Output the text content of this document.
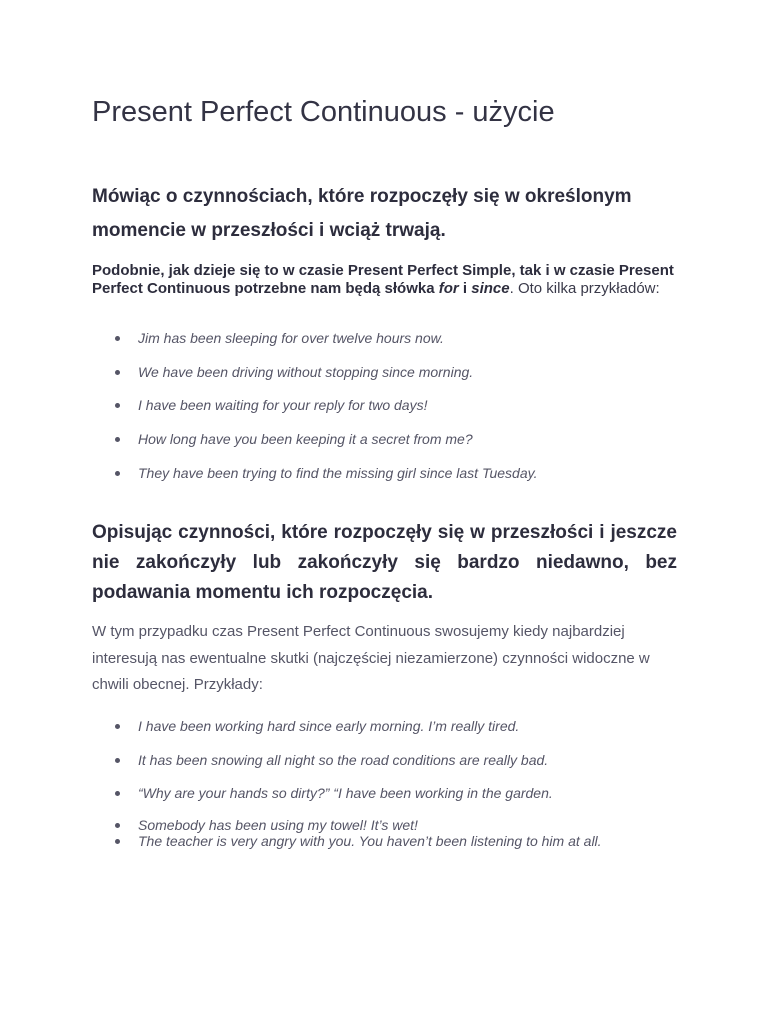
Present Perfect Continuous - użycie
Mówiąc o czynnościach, które rozpoczęły się w określonym
momencie w przeszłości i wciąż trwają.

Podobnie, jak dzieje się to w czasie Present Perfect Simple, tak i w czasie Present Perfect Continuous potrzebne nam będą słówka for i since. Oto kilka przykładów:

Jim has been sleeping for over twelve hours now.
We have been driving without stopping since morning.
I have been waiting for your reply for two days!
How long have you been keeping it a secret from me?
They have been trying to find the missing girl since last Tuesday.
Opisując czynności, które rozpoczęły się w przeszłości i jeszcze nie zakończyły lub zakończyły się bardzo niedawno, bez podawania momentu ich rozpoczęcia.

W tym przypadku czas Present Perfect Continuous swosujemy kiedy najbardziej interesują nas ewentualne skutki (najczęściej niezamierzone) czynności widoczne w chwili obecnej. Przykłady:

I have been working hard since early morning. I’m really tired.
It has been snowing all night so the road conditions are really bad.
“Why are your hands so dirty?” “I have been working in the garden.
Somebody has been using my towel! It’s wet!
The teacher is very angry with you. You haven’t been listening to him at all.
